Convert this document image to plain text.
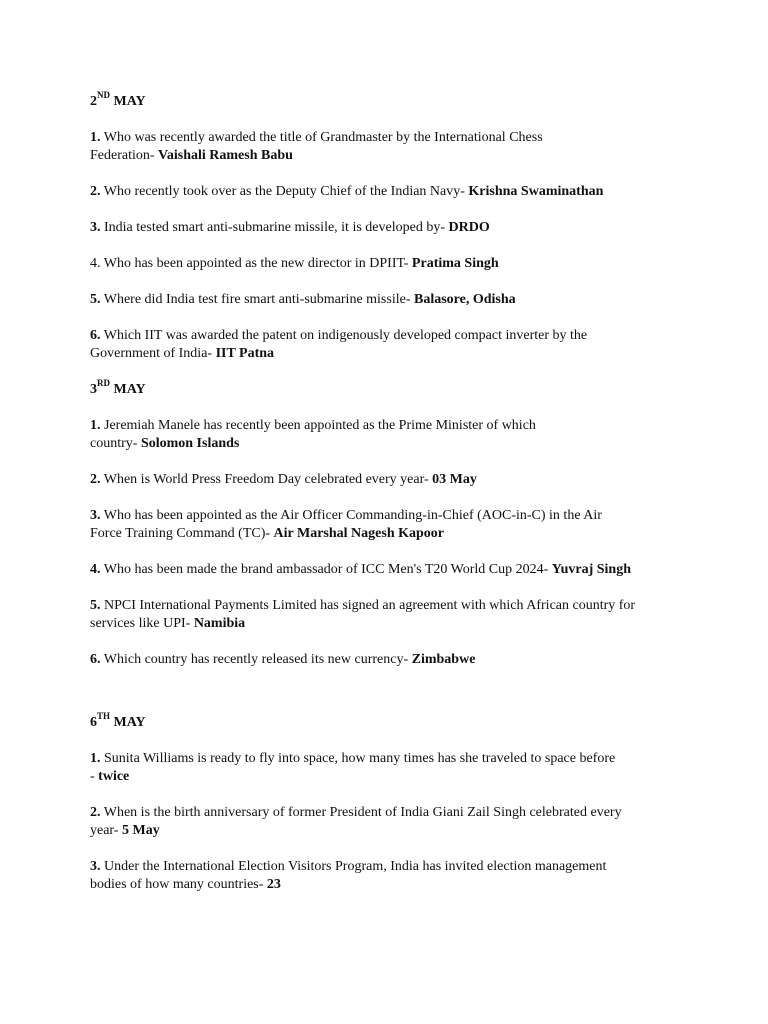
2ND MAY

1. Who was recently awarded the title of Grandmaster by the International Chess
Federation- Vaishali Ramesh Babu

2. Who recently took over as the Deputy Chief of the Indian Navy- Krishna Swaminathan

3. India tested smart anti-submarine missile, it is developed by- DRDO

4. Who has been appointed as the new director in DPIIT- Pratima Singh

5. Where did India test fire smart anti-submarine missile- Balasore, Odisha

6. Which IIT was awarded the patent on indigenously developed compact inverter by the
Government of India- IIT Patna

3RD MAY

1. Jeremiah Manele has recently been appointed as the Prime Minister of which
country- Solomon Islands

2. When is World Press Freedom Day celebrated every year- 03 May

3. Who has been appointed as the Air Officer Commanding-in-Chief (AOC-in-C) in the Air
Force Training Command (TC)- Air Marshal Nagesh Kapoor

4. Who has been made the brand ambassador of ICC Men's T20 World Cup 2024- Yuvraj Singh

5. NPCI International Payments Limited has signed an agreement with which African country for
services like UPI- Namibia

6. Which country has recently released its new currency- Zimbabwe

6TH MAY

1. Sunita Williams is ready to fly into space, how many times has she traveled to space before
- twice

2. When is the birth anniversary of former President of India Giani Zail Singh celebrated every
year- 5 May

3. Under the International Election Visitors Program, India has invited election management
bodies of how many countries- 23
